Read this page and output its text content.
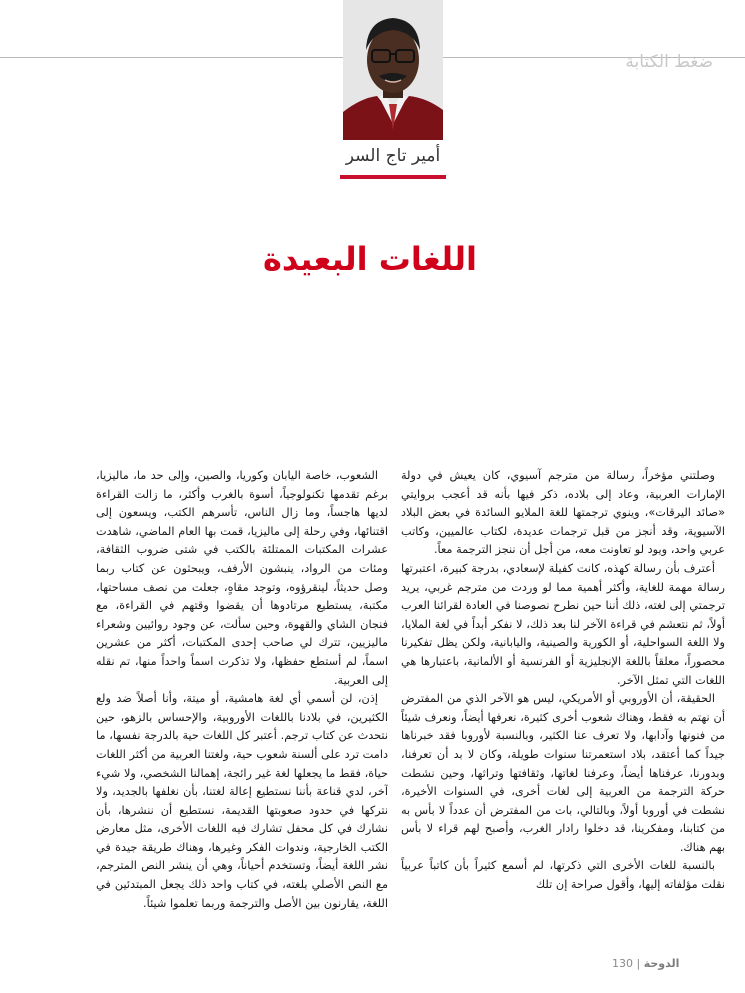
ضغط الكتابة
أمير تاج السر
اللغات البعيدة

وصلتني مؤخراً، رسالة من مترجم آسيوي، كان يعيش في دولة الإمارات العربية، وعاد إلى بلاده، ذكر فيها بأنه قد أعجب بروايتي «صائد اليرقات»، وينوي ترجمتها للغة الملايو السائدة في بعض البلاد الآسيوية، وقد أنجز من قبل ترجمات عديدة، لكتاب عالميين، وكاتب عربي واحد، ويود لو تعاونت معه، من أجل أن ننجز الترجمة معاً.

أعترف بأن رسالة كهذه، كانت كفيلة لإسعادي، بدرجة كبيرة، اعتبرتها رسالة مهمة للغاية، وأكثر أهمية مما لو وردت من مترجم غربي، يريد ترجمتي إلى لغته، ذلك أننا حين نطرح نصوصنا في العادة لقرائنا العرب أولاً، ثم نتعشم في قراءة الآخر لنا بعد ذلك، لا نفكر أبداً في لغة الملايا، ولا اللغة السواحلية، أو الكورية والصينية، واليابانية، ولكن يظل تفكيرنا محصوراً، معلقاً باللغة الإنجليزية أو الفرنسية أو الألمانية، باعتبارها هي اللغات التي تمثل الآخر.

الحقيقة، أن الأوروبي أو الأمريكي، ليس هو الآخر الذي من المفترض أن نهتم به فقط، وهناك شعوب أخرى كثيرة، نعرفها أيضاً، ونعرف شيئاً من فنونها وآدابها، ولا تعرف عنا الكثير، وبالنسبة لأوروبا فقد خبرناها جيداً كما أعتقد، بلاد استعمرتنا سنوات طويلة، وكان لا بد أن تعرفنا، وبدورنا، عرفناها أيضاً، وعرفنا لغاتها، وثقافتها وتراثها، وحين نشطت حركة الترجمة من العربية إلى لغات أخرى، في السنوات الأخيرة، نشطت في أوروبا أولاً، وبالتالي، بات من المفترض أن عدداً لا بأس به من كتابنا، ومفكرينا، قد دخلوا رادار الغرب، وأصبح لهم قراء لا بأس بهم هناك.

بالنسبة للغات الأخرى التي ذكرتها، لم أسمع كثيراً بأن كاتباً عربياً نقلت مؤلفاته إليها، وأقول صراحة إن تلك

الشعوب، خاصة اليابان وكوريا، والصين، وإلى حد ما، ماليزيا، برغم تقدمها تكنولوجياً، أسوة بالغرب وأكثر، ما زالت القراءة لديها هاجساً، وما زال الناس، تأسرهم الكتب، ويسعون إلى اقتنائها، وفي رحلة إلى ماليزيا، قمت بها العام الماضي، شاهدت عشرات المكتبات الممتلئة بالكتب في شتى ضروب الثقافة، ومئات من الرواد، ينبشون الأرفف، ويبحثون عن كتاب ربما وصل حديثاً، لينقرؤوه، وتوجد مقاهٍ، جعلت من نصف مساحتها، مكتبة، يستطيع مرتادوها أن يقضوا وقتهم في القراءة، مع فنجان الشاي والقهوة، وحين سألت، عن وجود روائيين وشعراء ماليزيين، تترك لي صاحب إحدى المكتبات، أكثر من عشرين اسماً، لم أستطع حفظها، ولا تذكرت اسماً واحداً منها، تم نقله إلى العربية.

إذن، لن أسمي أي لغة هامشية، أو ميتة، وأنا أصلاً ضد ولع الكثيرين، في بلادنا باللغات الأوروبية، والإحساس بالزهو، حين نتحدث عن كتاب ترجم. أعتبر كل اللغات حية بالدرجة نفسها، ما دامت ترد على ألسنة شعوب حية، ولغتنا العربية من أكثر اللغات حياة، فقط ما يجعلها لغة غير رائجة، إهمالنا الشخصي، ولا شيء آخر، لدي قناعة بأننا نستطيع إعالة لغتنا، بأن نغلفها بالجديد، ولا نتركها في حدود صعوبتها القديمة، نستطيع أن ننشرها، بأن نشارك في كل محفل تشارك فيه اللغات الأخرى، مثل معارض الكتب الخارجية، وندوات الفكر وغيرها، وهناك طريقة جيدة في نشر اللغة أيضاً، وتستخدم أحياناً، وهي أن ينشر النص المترجم، مع النص الأصلي بلغته، في كتاب واحد ذلك يجعل المبتدئين في اللغة، يقارنون بين الأصل والترجمة وربما تعلموا شيئاً.

الدوحة | 130
